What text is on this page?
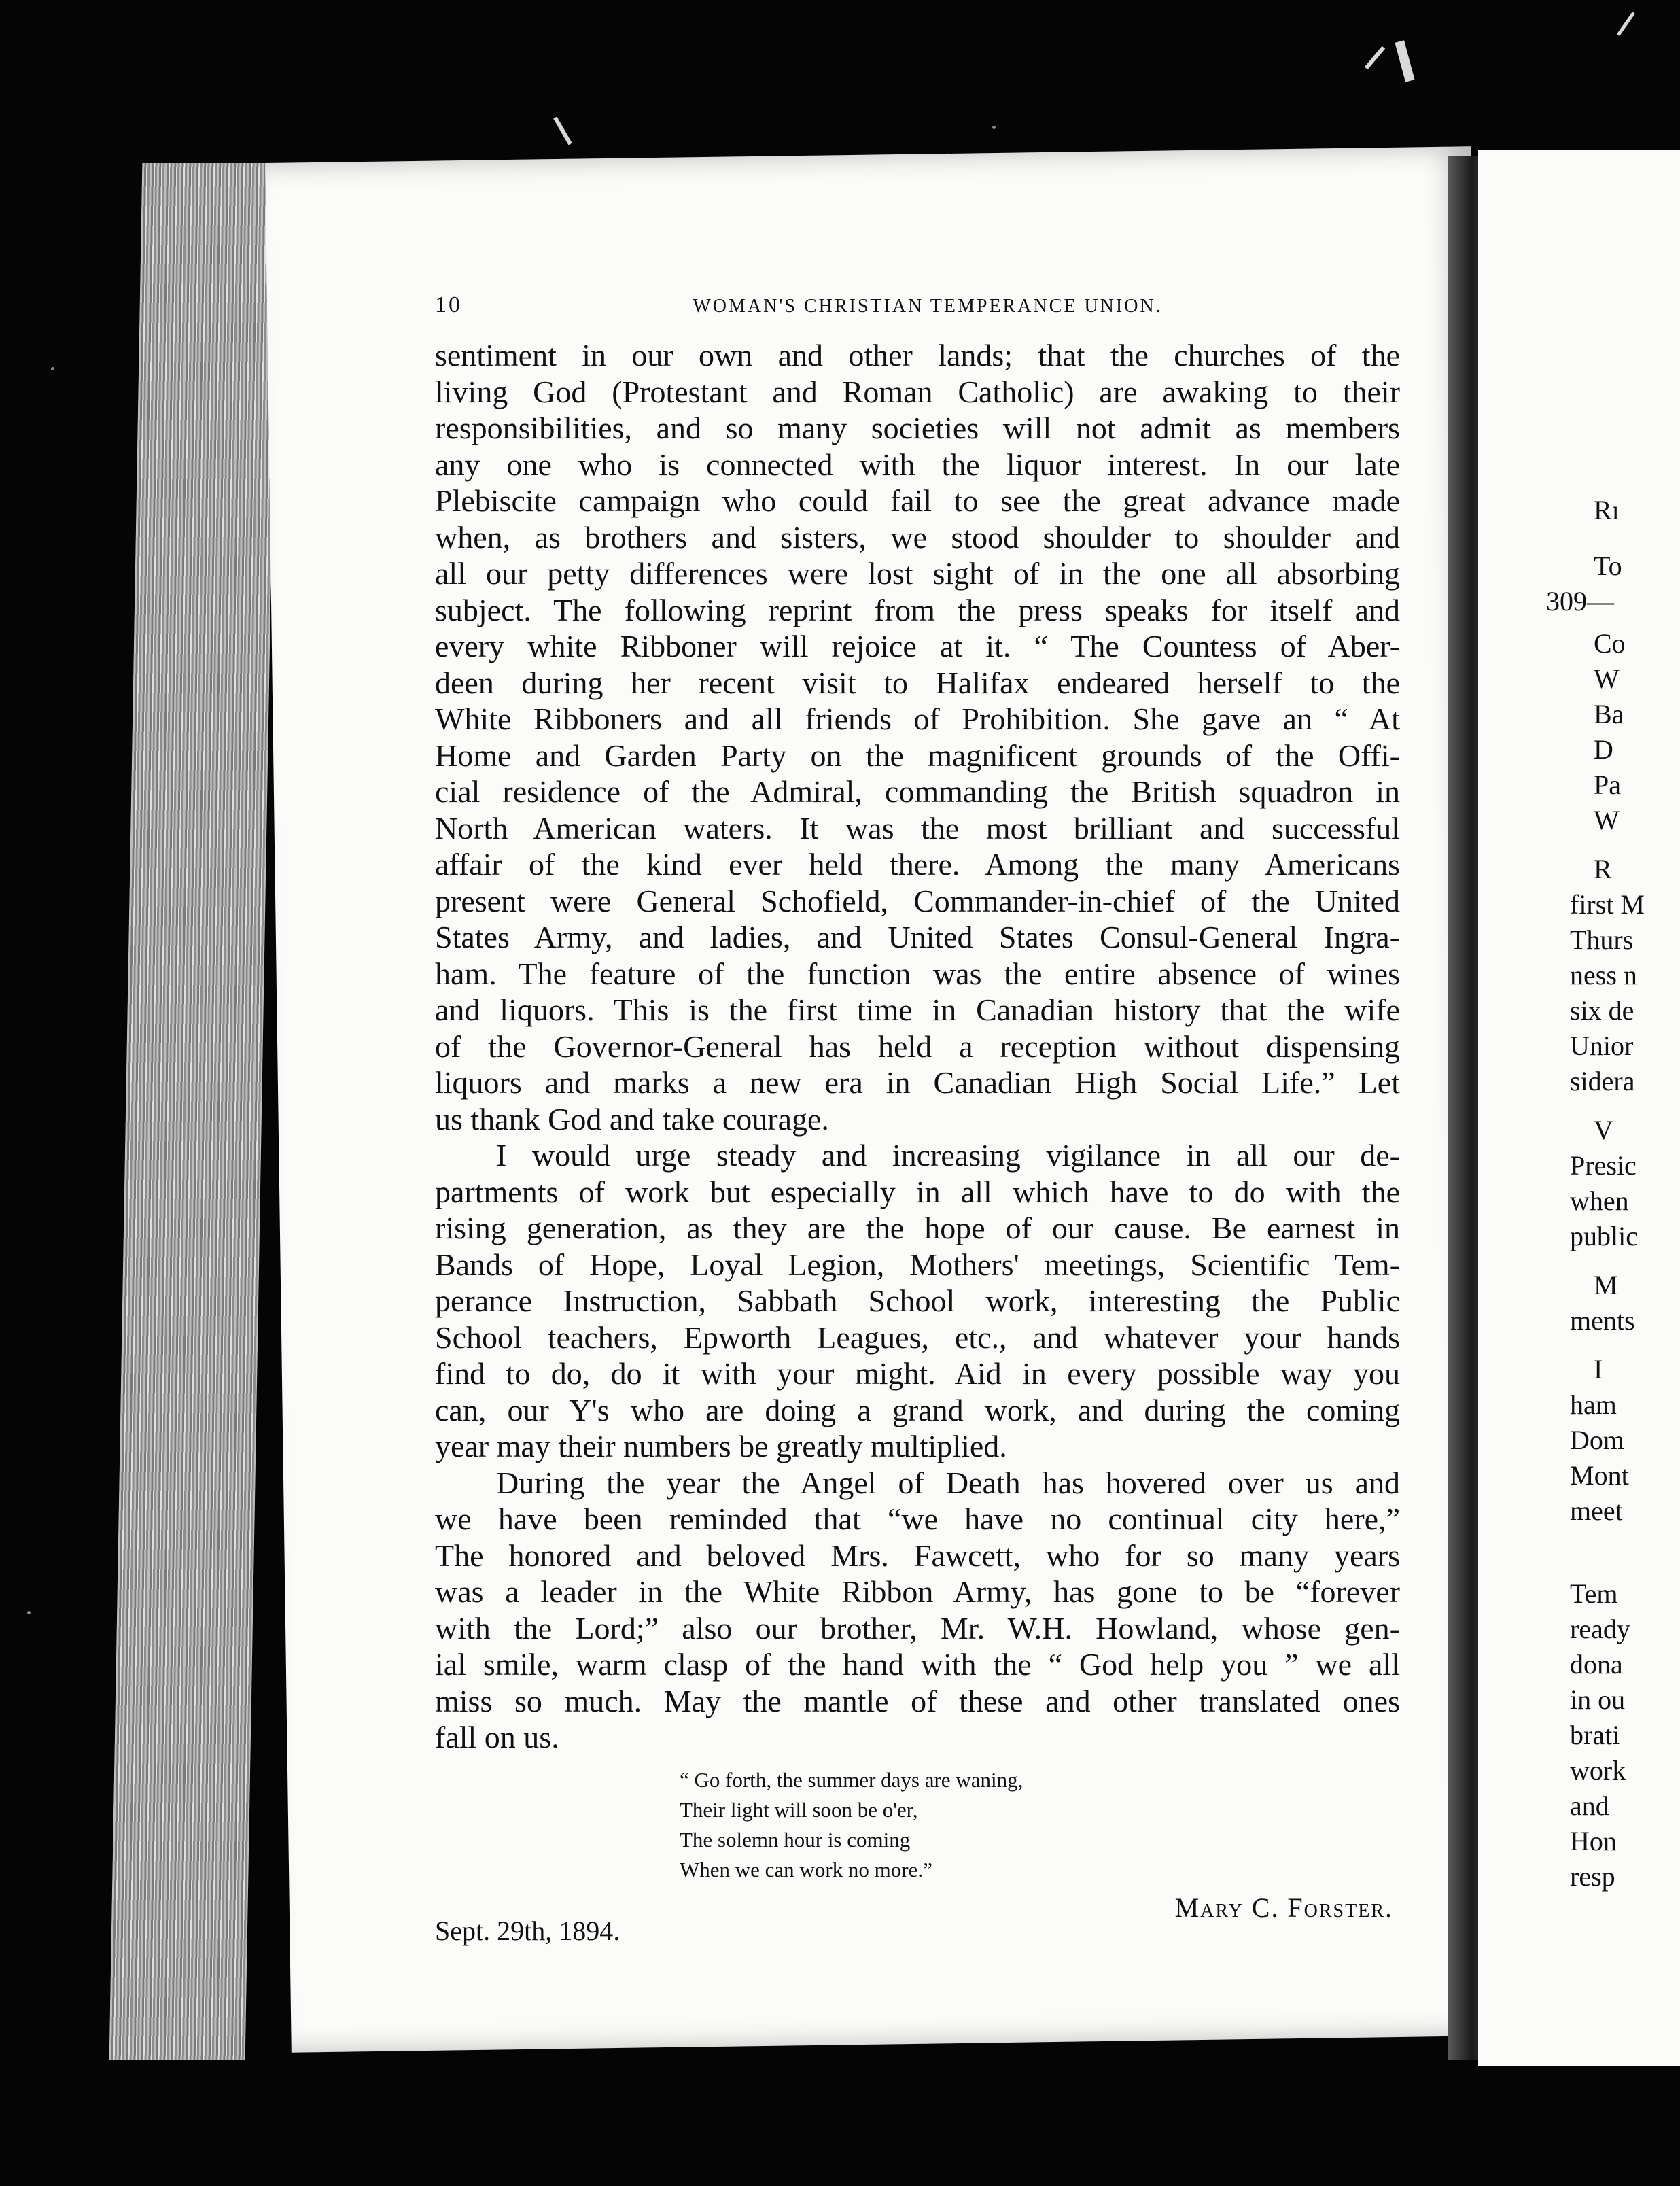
10	WOMAN'S CHRISTIAN TEMPERANCE UNION.
sentiment in our own and other lands; that the churches of the
living God (Protestant and Roman Catholic) are awaking to their
responsibilities, and so many societies will not admit as members
any one who is connected with the liquor interest. In our late
Plebiscite campaign who could fail to see the great advance made
when, as brothers and sisters, we stood shoulder to shoulder and
all our petty differences were lost sight of in the one all absorbing
subject. The following reprint from the press speaks for itself and
every white Ribboner will rejoice at it. “ The Countess of Aber-
deen during her recent visit to Halifax endeared herself to the
White Ribboners and all friends of Prohibition. She gave an “ At
Home and Garden Party on the magnificent grounds of the Offi-
cial residence of the Admiral, commanding the British squadron in
North American waters. It was the most brilliant and successful
affair of the kind ever held there. Among the many Americans
present were General Schofield, Commander-in-chief of the United
States Army, and ladies, and United States Consul-General Ingra-
ham. The feature of the function was the entire absence of wines
and liquors. This is the first time in Canadian history that the wife
of the Governor-General has held a reception without dispensing
liquors and marks a new era in Canadian High Social Life.” Let
us thank God and take courage.
I would urge steady and increasing vigilance in all our de-
partments of work but especially in all which have to do with the
rising generation, as they are the hope of our cause. Be earnest in
Bands of Hope, Loyal Legion, Mothers' meetings, Scientific Tem-
perance Instruction, Sabbath School work, interesting the Public
School teachers, Epworth Leagues, etc., and whatever your hands
find to do, do it with your might. Aid in every possible way you
can, our Y's who are doing a grand work, and during the coming
year may their numbers be greatly multiplied.
During the year the Angel of Death has hovered over us and
we have been reminded that “we have no continual city here,”
The honored and beloved Mrs. Fawcett, who for so many years
was a leader in the White Ribbon Army, has gone to be “forever
with the Lord;” also our brother, Mr. W.H. Howland, whose gen-
ial smile, warm clasp of the hand with the “ God help you ” we all
miss so much. May the mantle of these and other translated ones
fall on us.
“ Go forth, the summer days are waning,
Their light will soon be o'er,
The solemn hour is coming
When we can work no more.”
Sept. 29th, 1894.
Mary C. Forster.
Rı
To
309—
Co
W
Ba
D
Pa
W
R
first M
Thurs
ness n
six de
Unior
sidera
V
Presic
when
public
M
ments
I
ham
Dom
Mont
meet
Tem
ready
dona
in ou
brati
work
and
Hon
resp
